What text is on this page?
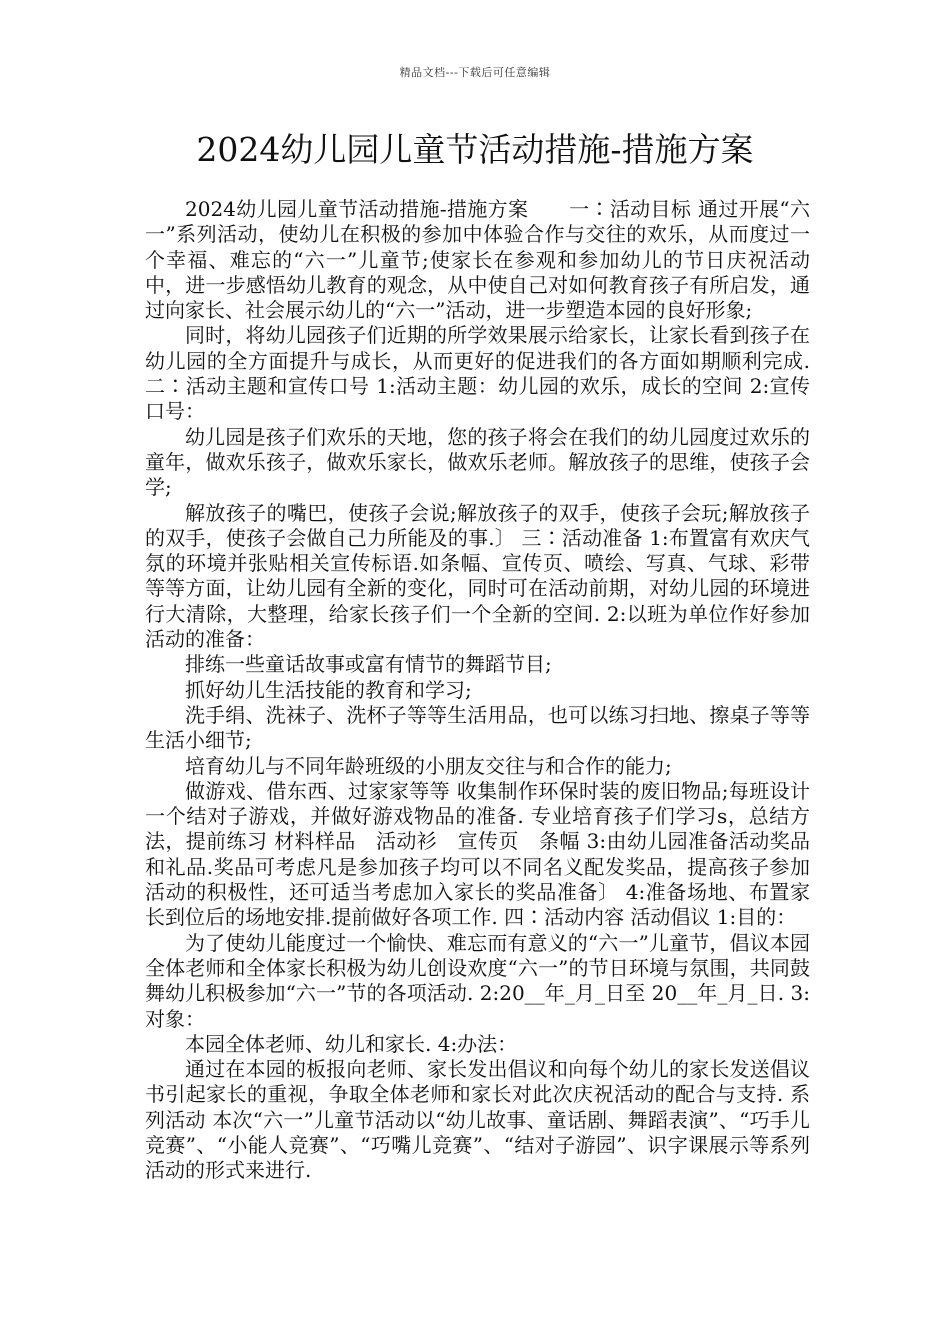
精品文档---下载后可任意编辑
2024幼儿园儿童节活动措施-措施方案

2024幼儿园儿童节活动措施-措施方案　　一∶活动目标 通过开展“六一”系列活动，使幼儿在积极的参加中体验合作与交往的欢乐，从而度过一个幸福、难忘的“六一”儿童节;使家长在参观和参加幼儿的节日庆祝活动中，进一步感悟幼儿教育的观念，从中使自己对如何教育孩子有所启发，通过向家长、社会展示幼儿的“六一”活动，进一步塑造本园的良好形象;

同时，将幼儿园孩子们近期的所学效果展示给家长，让家长看到孩子在幼儿园的全方面提升与成长，从而更好的促进我们的各方面如期顺利完成. 二∶活动主题和宣传口号 1:活动主题：幼儿园的欢乐，成长的空间 2:宣传口号：

幼儿园是孩子们欢乐的天地，您的孩子将会在我们的幼儿园度过欢乐的童年，做欢乐孩子，做欢乐家长，做欢乐老师。解放孩子的思维，使孩子会学;

解放孩子的嘴巴，使孩子会说;解放孩子的双手，使孩子会玩;解放孩子的双手，使孩子会做自己力所能及的事.〕 三∶活动准备 1:布置富有欢庆气氛的环境并张贴相关宣传标语.如条幅、宣传页、喷绘、写真、气球、彩带等等方面，让幼儿园有全新的变化，同时可在活动前期，对幼儿园的环境进行大清除，大整理，给家长孩子们一个全新的空间. 2:以班为单位作好参加活动的准备：

排练一些童话故事或富有情节的舞蹈节目;

抓好幼儿生活技能的教育和学习;

洗手绢、洗袜子、洗杯子等等生活用品，也可以练习扫地、擦桌子等等生活小细节;

培育幼儿与不同年龄班级的小朋友交往与和合作的能力;

做游戏、借东西、过家家等等 收集制作环保时装的废旧物品;每班设计一个结对子游戏，并做好游戏物品的准备. 专业培育孩子们学习s，总结方法，提前练习 材料样品　活动衫　宣传页　条幅 3:由幼儿园准备活动奖品和礼品.奖品可考虑凡是参加孩子均可以不同名义配发奖品，提高孩子参加活动的积极性，还可适当考虑加入家长的奖品准备〕 4:准备场地、布置家长到位后的场地安排.提前做好各项工作. 四∶活动内容 活动倡议 1:目的：

为了使幼儿能度过一个愉快、难忘而有意义的“六一”儿童节，倡议本园全体老师和全体家长积极为幼儿创设欢度“六一”的节日环境与氛围，共同鼓舞幼儿积极参加“六一”节的各项活动. 2:20__年_月_日至 20__年_月_日. 3:对象：

本园全体老师、幼儿和家长. 4:办法：

通过在本园的板报向老师、家长发出倡议和向每个幼儿的家长发送倡议书引起家长的重视，争取全体老师和家长对此次庆祝活动的配合与支持. 系列活动 本次“六一”儿童节活动以“幼儿故事、童话剧、舞蹈表演”、“巧手儿竞赛”、“小能人竞赛”、“巧嘴儿竞赛”、“结对子游园”、识字课展示等系列活动的形式来进行.
